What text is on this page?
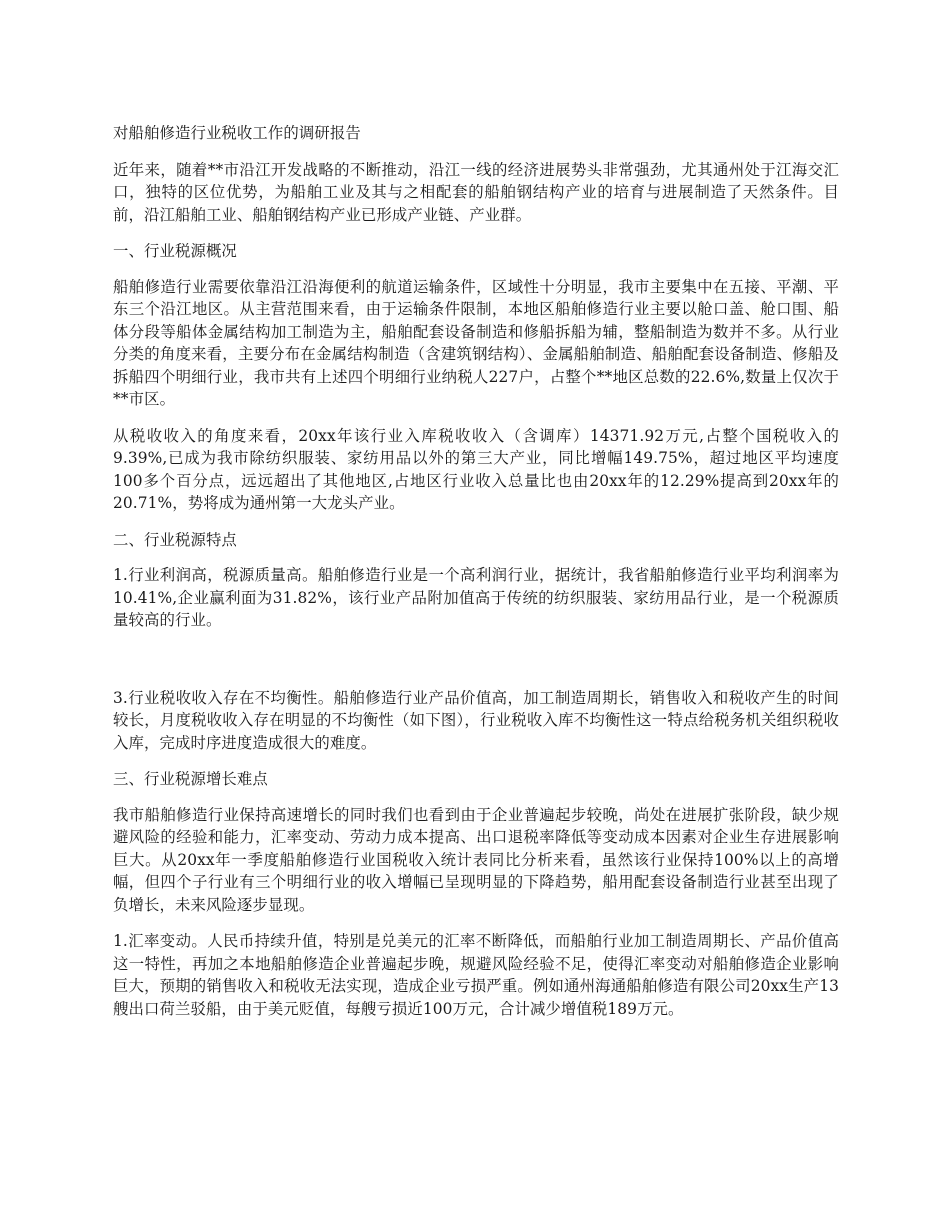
对船舶修造行业税收工作的调研报告

近年来，随着**市沿江开发战略的不断推动，沿江一线的经济进展势头非常强劲，尤其通州处于江海交汇口，独特的区位优势，为船舶工业及其与之相配套的船舶钢结构产业的培育与进展制造了天然条件。目前，沿江船舶工业、船舶钢结构产业已形成产业链、产业群。

一、行业税源概况

船舶修造行业需要依靠沿江沿海便利的航道运输条件，区域性十分明显，我市主要集中在五接、平潮、平东三个沿江地区。从主营范围来看，由于运输条件限制，本地区船舶修造行业主要以舱口盖、舱口围、船体分段等船体金属结构加工制造为主，船舶配套设备制造和修船拆船为辅，整船制造为数并不多。从行业分类的角度来看，主要分布在金属结构制造（含建筑钢结构）、金属船舶制造、船舶配套设备制造、修船及拆船四个明细行业，我市共有上述四个明细行业纳税人227户，占整个**地区总数的22.6%,数量上仅次于**市区。

从税收收入的角度来看，20xx年该行业入库税收收入（含调库）14371.92万元,占整个国税收入的9.39%,已成为我市除纺织服装、家纺用品以外的第三大产业，同比增幅149.75%，超过地区平均速度100多个百分点，远远超出了其他地区,占地区行业收入总量比也由20xx年的12.29%提高到20xx年的20.71%，势将成为通州第一大龙头产业。

二、行业税源特点

1.行业利润高，税源质量高。船舶修造行业是一个高利润行业，据统计，我省船舶修造行业平均利润率为10.41%,企业赢利面为31.82%，该行业产品附加值高于传统的纺织服装、家纺用品行业，是一个税源质量较高的行业。

3.行业税收收入存在不均衡性。船舶修造行业产品价值高，加工制造周期长，销售收入和税收产生的时间较长，月度税收收入存在明显的不均衡性（如下图），行业税收入库不均衡性这一特点给税务机关组织税收入库，完成时序进度造成很大的难度。

三、行业税源增长难点

我市船舶修造行业保持高速增长的同时我们也看到由于企业普遍起步较晚，尚处在进展扩张阶段，缺少规避风险的经验和能力，汇率变动、劳动力成本提高、出口退税率降低等变动成本因素对企业生存进展影响巨大。从20xx年一季度船舶修造行业国税收入统计表同比分析来看，虽然该行业保持100%以上的高增幅，但四个子行业有三个明细行业的收入增幅已呈现明显的下降趋势，船用配套设备制造行业甚至出现了负增长，未来风险逐步显现。

1.汇率变动。人民币持续升值，特别是兑美元的汇率不断降低，而船舶行业加工制造周期长、产品价值高这一特性，再加之本地船舶修造企业普遍起步晚，规避风险经验不足，使得汇率变动对船舶修造企业影响巨大，预期的销售收入和税收无法实现，造成企业亏损严重。例如通州海通船舶修造有限公司20xx生产13艘出口荷兰驳船，由于美元贬值，每艘亏损近100万元，合计减少增值税189万元。
